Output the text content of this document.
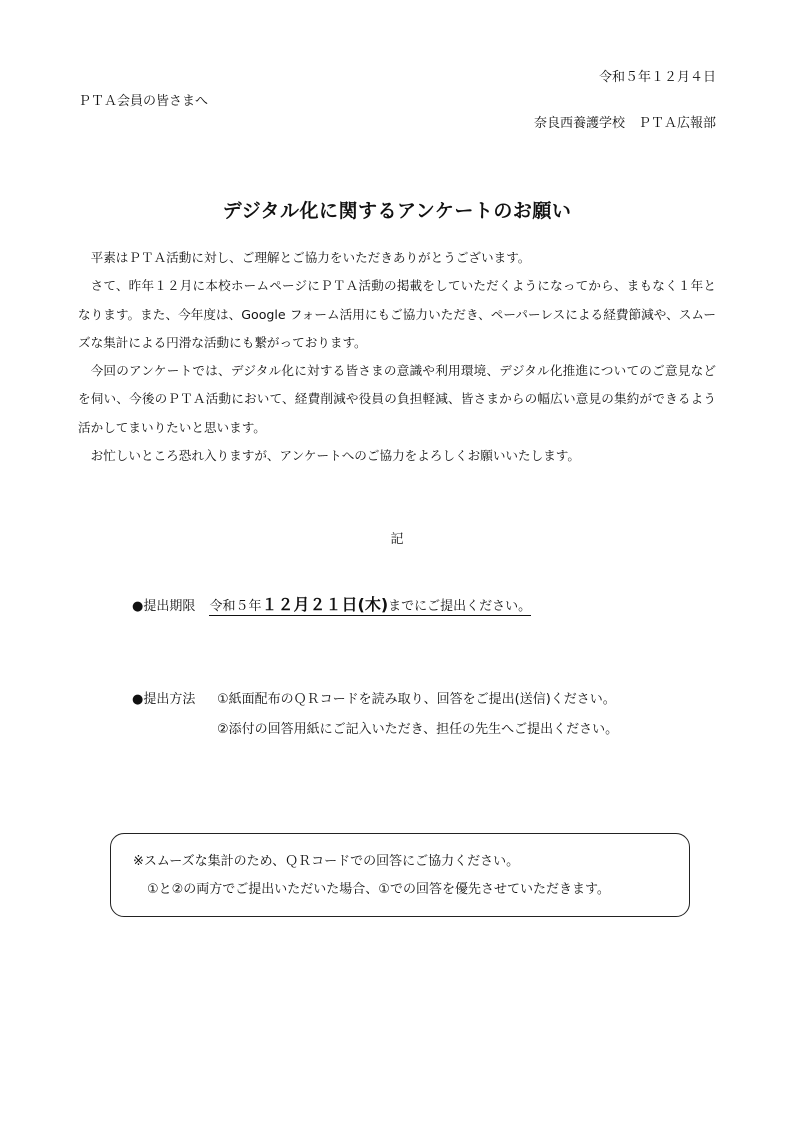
令和５年１２月４日
ＰＴＡ会員の皆さまへ
奈良西養護学校　ＰＴＡ広報部
デジタル化に関するアンケートのお願い

平素はＰＴＡ活動に対し、ご理解とご協力をいただきありがとうございます。

さて、昨年１２月に本校ホームページにＰＴＡ活動の掲載をしていただくようになってから、まもなく１年となります。また、今年度は、Google フォーム活用にもご協力いただき、ペーパーレスによる経費節減や、スムーズな集計による円滑な活動にも繋がっております。

今回のアンケートでは、デジタル化に対する皆さまの意識や利用環境、デジタル化推進についてのご意見などを伺い、今後のＰＴＡ活動において、経費削減や役員の負担軽減、皆さまからの幅広い意見の集約ができるよう活かしてまいりたいと思います。

お忙しいところ恐れ入りますが、アンケートへのご協力をよろしくお願いいたします。

記
●提出期限 令和５年１２月２１日(木)までにご提出ください。
●提出方法	①紙面配布のＱＲコードを読み取り、回答をご提出(送信)ください。
②添付の回答用紙にご記入いただき、担任の先生へご提出ください。
※スムーズな集計のため、ＱＲコードでの回答にご協力ください。
①と②の両方でご提出いただいた場合、①での回答を優先させていただきます。
